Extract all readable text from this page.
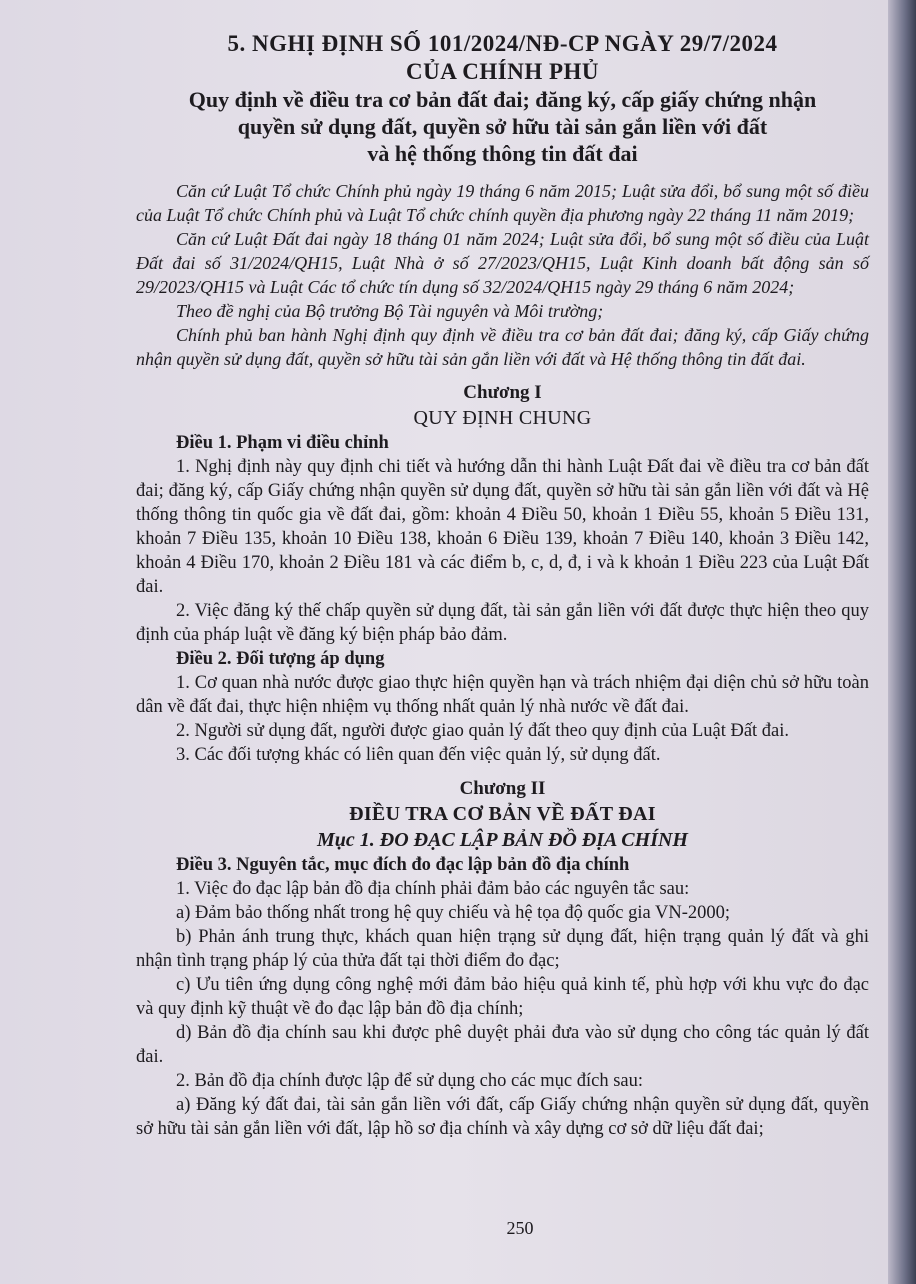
5. NGHỊ ĐỊNH SỐ 101/2024/NĐ-CP NGÀY 29/7/2024
CỦA CHÍNH PHỦ
Quy định về điều tra cơ bản đất đai; đăng ký, cấp giấy chứng nhận
quyền sử dụng đất, quyền sở hữu tài sản gắn liền với đất
và hệ thống thông tin đất đai

Căn cứ Luật Tổ chức Chính phủ ngày 19 tháng 6 năm 2015; Luật sửa đổi, bổ sung một số điều của Luật Tổ chức Chính phủ và Luật Tổ chức chính quyền địa phương ngày 22 tháng 11 năm 2019;

Căn cứ Luật Đất đai ngày 18 tháng 01 năm 2024; Luật sửa đổi, bổ sung một số điều của Luật Đất đai số 31/2024/QH15, Luật Nhà ở số 27/2023/QH15, Luật Kinh doanh bất động sản số 29/2023/QH15 và Luật Các tổ chức tín dụng số 32/2024/QH15 ngày 29 tháng 6 năm 2024;

Theo đề nghị của Bộ trưởng Bộ Tài nguyên và Môi trường;

Chính phủ ban hành Nghị định quy định về điều tra cơ bản đất đai; đăng ký, cấp Giấy chứng nhận quyền sử dụng đất, quyền sở hữu tài sản gắn liền với đất và Hệ thống thông tin đất đai.

Chương I
QUY ĐỊNH CHUNG
Điều 1. Phạm vi điều chỉnh

1. Nghị định này quy định chi tiết và hướng dẫn thi hành Luật Đất đai về điều tra cơ bản đất đai; đăng ký, cấp Giấy chứng nhận quyền sử dụng đất, quyền sở hữu tài sản gắn liền với đất và Hệ thống thông tin quốc gia về đất đai, gồm: khoản 4 Điều 50, khoản 1 Điều 55, khoản 5 Điều 131, khoản 7 Điều 135, khoản 10 Điều 138, khoản 6 Điều 139, khoản 7 Điều 140, khoản 3 Điều 142, khoản 4 Điều 170, khoản 2 Điều 181 và các điểm b, c, d, đ, i và k khoản 1 Điều 223 của Luật Đất đai.

2. Việc đăng ký thế chấp quyền sử dụng đất, tài sản gắn liền với đất được thực hiện theo quy định của pháp luật về đăng ký biện pháp bảo đảm.

Điều 2. Đối tượng áp dụng

1. Cơ quan nhà nước được giao thực hiện quyền hạn và trách nhiệm đại diện chủ sở hữu toàn dân về đất đai, thực hiện nhiệm vụ thống nhất quản lý nhà nước về đất đai.

2. Người sử dụng đất, người được giao quản lý đất theo quy định của Luật Đất đai.

3. Các đối tượng khác có liên quan đến việc quản lý, sử dụng đất.

Chương II
ĐIỀU TRA CƠ BẢN VỀ ĐẤT ĐAI
Mục 1. ĐO ĐẠC LẬP BẢN ĐỒ ĐỊA CHÍNH
Điều 3. Nguyên tắc, mục đích đo đạc lập bản đồ địa chính

1. Việc đo đạc lập bản đồ địa chính phải đảm bảo các nguyên tắc sau:

a) Đảm bảo thống nhất trong hệ quy chiếu và hệ tọa độ quốc gia VN-2000;

b) Phản ánh trung thực, khách quan hiện trạng sử dụng đất, hiện trạng quản lý đất và ghi nhận tình trạng pháp lý của thửa đất tại thời điểm đo đạc;

c) Ưu tiên ứng dụng công nghệ mới đảm bảo hiệu quả kinh tế, phù hợp với khu vực đo đạc và quy định kỹ thuật về đo đạc lập bản đồ địa chính;

d) Bản đồ địa chính sau khi được phê duyệt phải đưa vào sử dụng cho công tác quản lý đất đai.

2. Bản đồ địa chính được lập để sử dụng cho các mục đích sau:

a) Đăng ký đất đai, tài sản gắn liền với đất, cấp Giấy chứng nhận quyền sử dụng đất, quyền sở hữu tài sản gắn liền với đất, lập hồ sơ địa chính và xây dựng cơ sở dữ liệu đất đai;

250
